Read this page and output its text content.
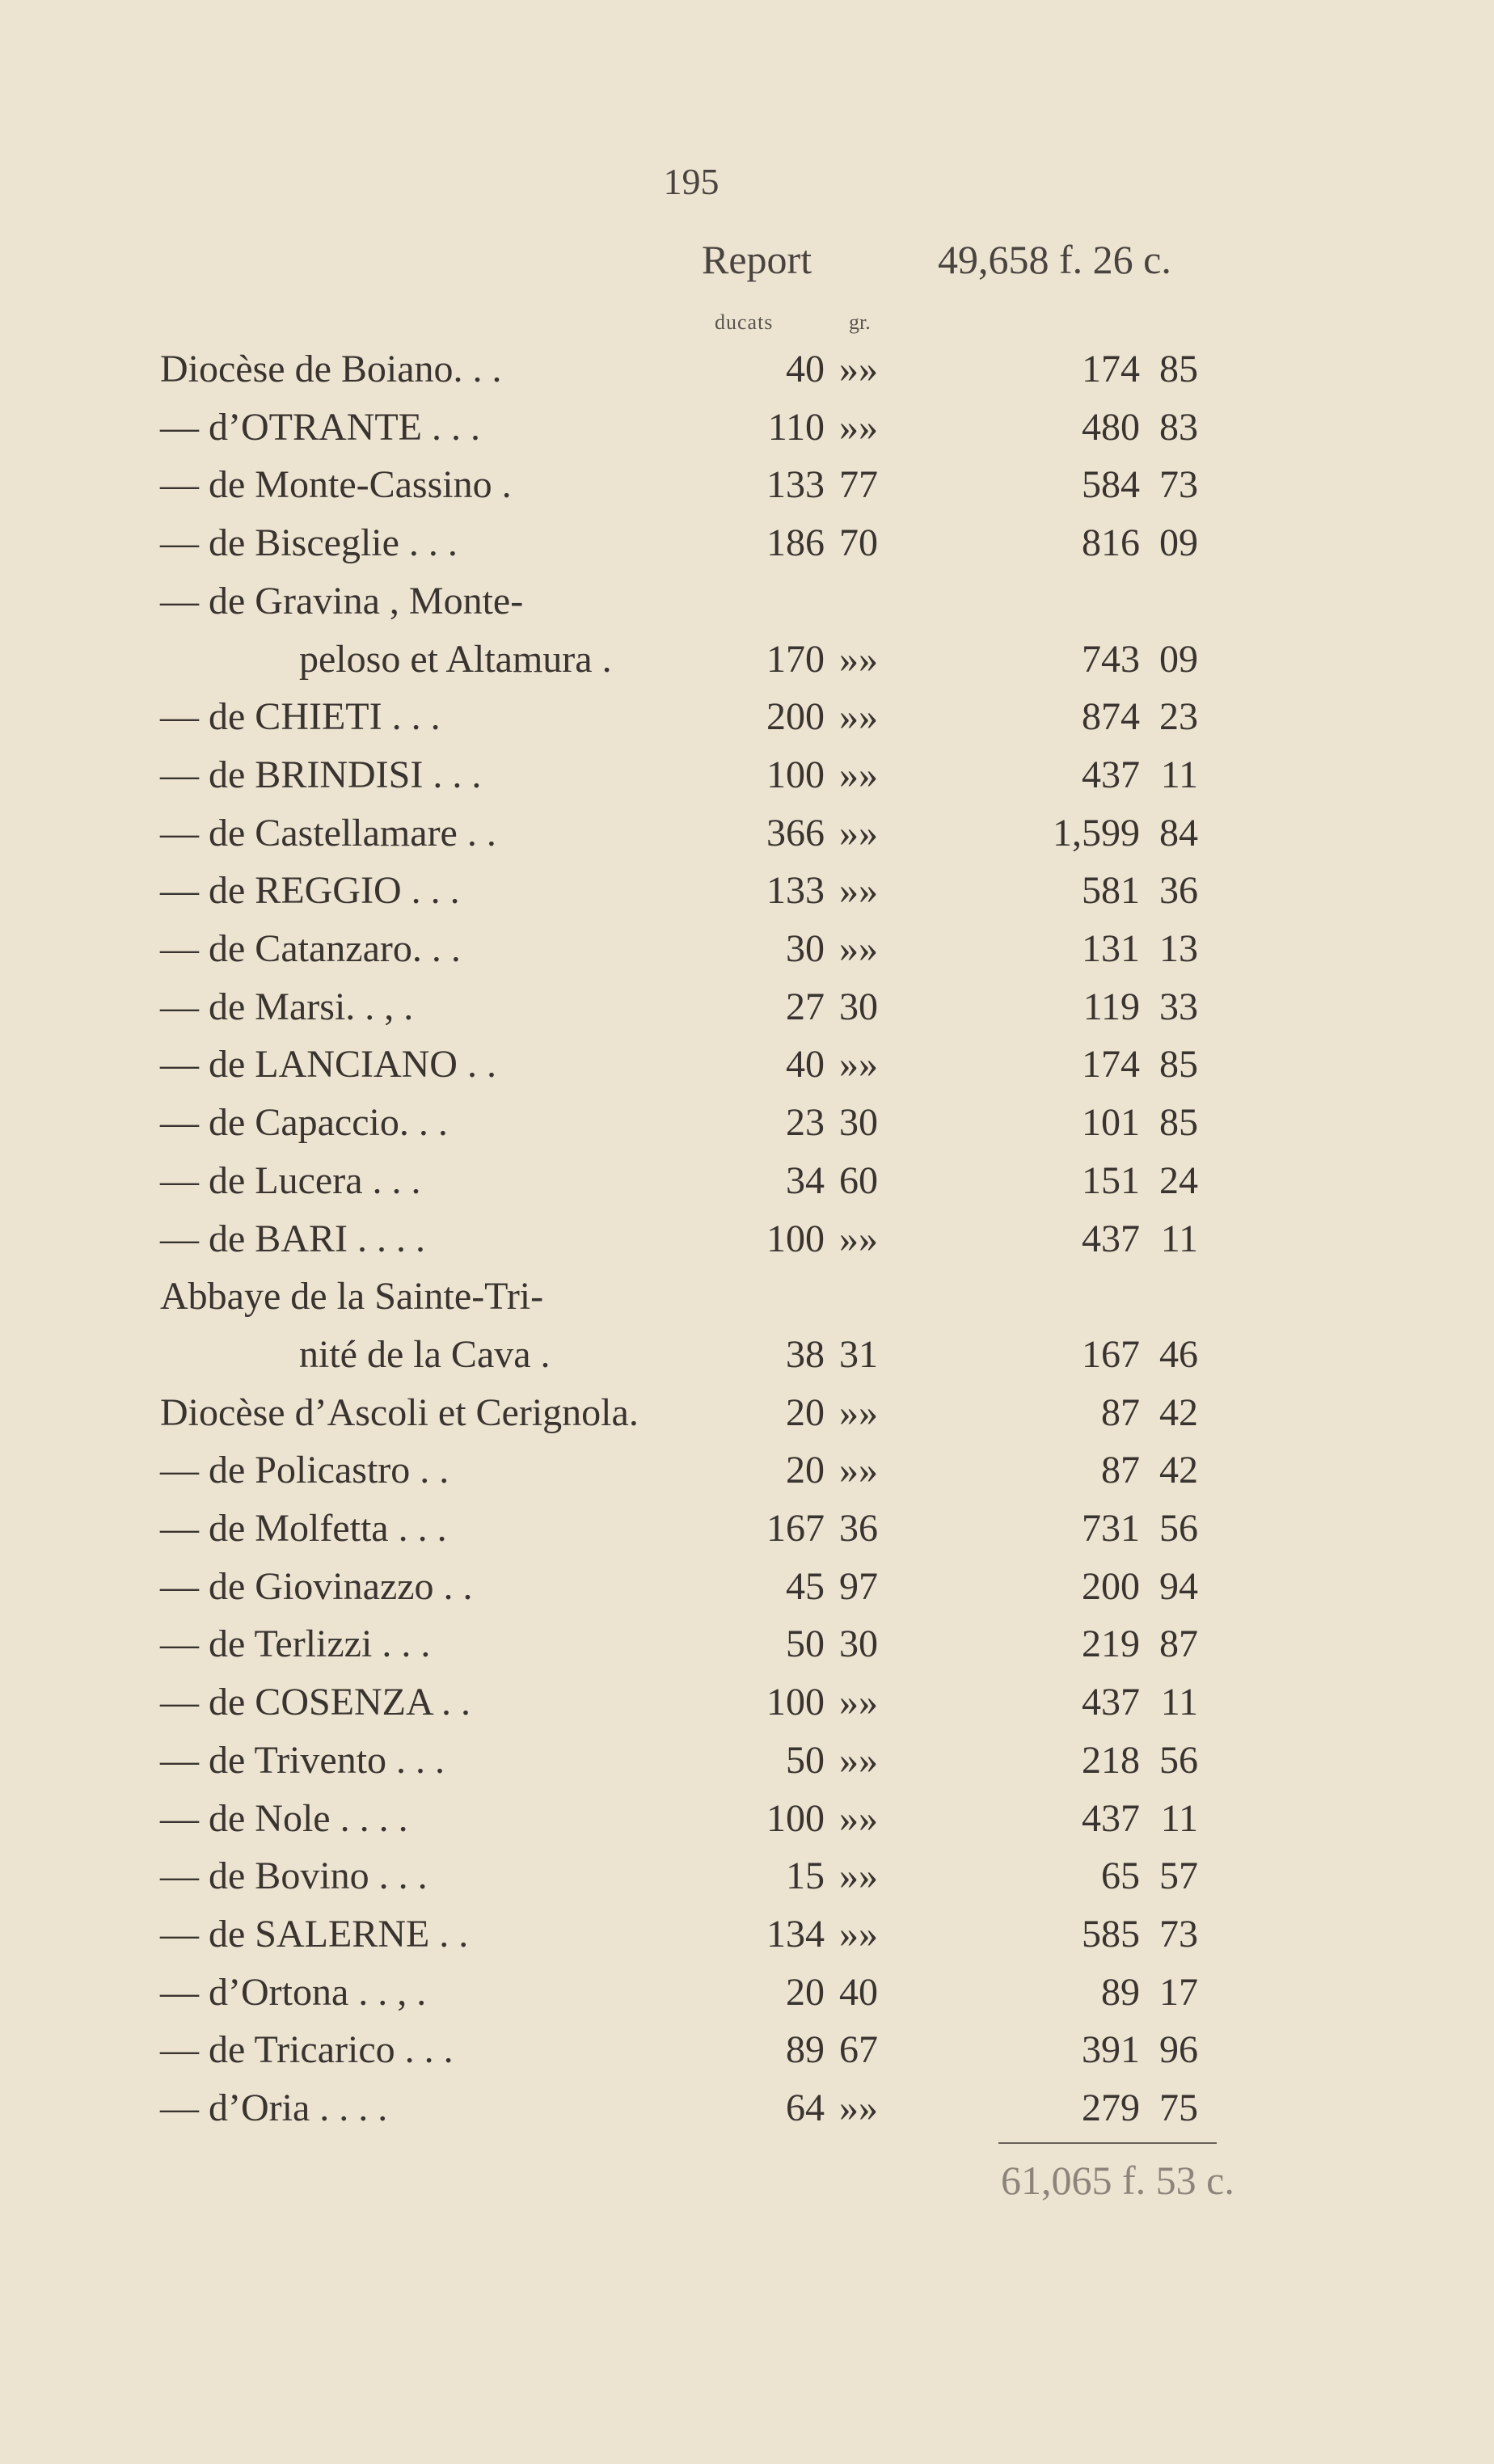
195
Report	49,658 f. 26 c.
ducats	gr.
Diocèse de Boiano. . .	40 »»	174 85
— d’OTRANTE . . .	110 »»	480 83
— de Monte-Cassino .	133 77	584 73
— de Bisceglie . . .	186 70	816 09
— de Gravina , Monte-
peloso et Altamura .	170 »»	743 09
— de CHIETI . . .	200 »»	874 23
— de BRINDISI . . .	100 »»	437 11
— de Castellamare . .	366 »»	1,599 84
— de REGGIO . . .	133 »»	581 36
— de Catanzaro. . .	30 »»	131 13
— de Marsi. . , .	27 30	119 33
— de LANCIANO . .	40 »»	174 85
— de Capaccio. . .	23 30	101 85
— de Lucera . . .	34 60	151 24
— de BARI . . . .	100 »»	437 11
Abbaye de la Sainte-Tri-
nité de la Cava .	38 31	167 46
Diocèse d’Ascoli et Cerignola.	20 »»	87 42
— de Policastro . .	20 »»	87 42
— de Molfetta . . .	167 36	731 56
— de Giovinazzo . .	45 97	200 94
— de Terlizzi . . .	50 30	219 87
— de COSENZA . .	100 »»	437 11
— de Trivento . . .	50 »»	218 56
— de Nole . . . .	100 »»	437 11
— de Bovino . . .	15 »»	65 57
— de SALERNE . .	134 »»	585 73
— d’Ortona . . , .	20 40	89 17
— de Tricarico . . .	89 67	391 96
— d’Oria . . . .	64 »»	279 75
61,065 f. 53 c.
